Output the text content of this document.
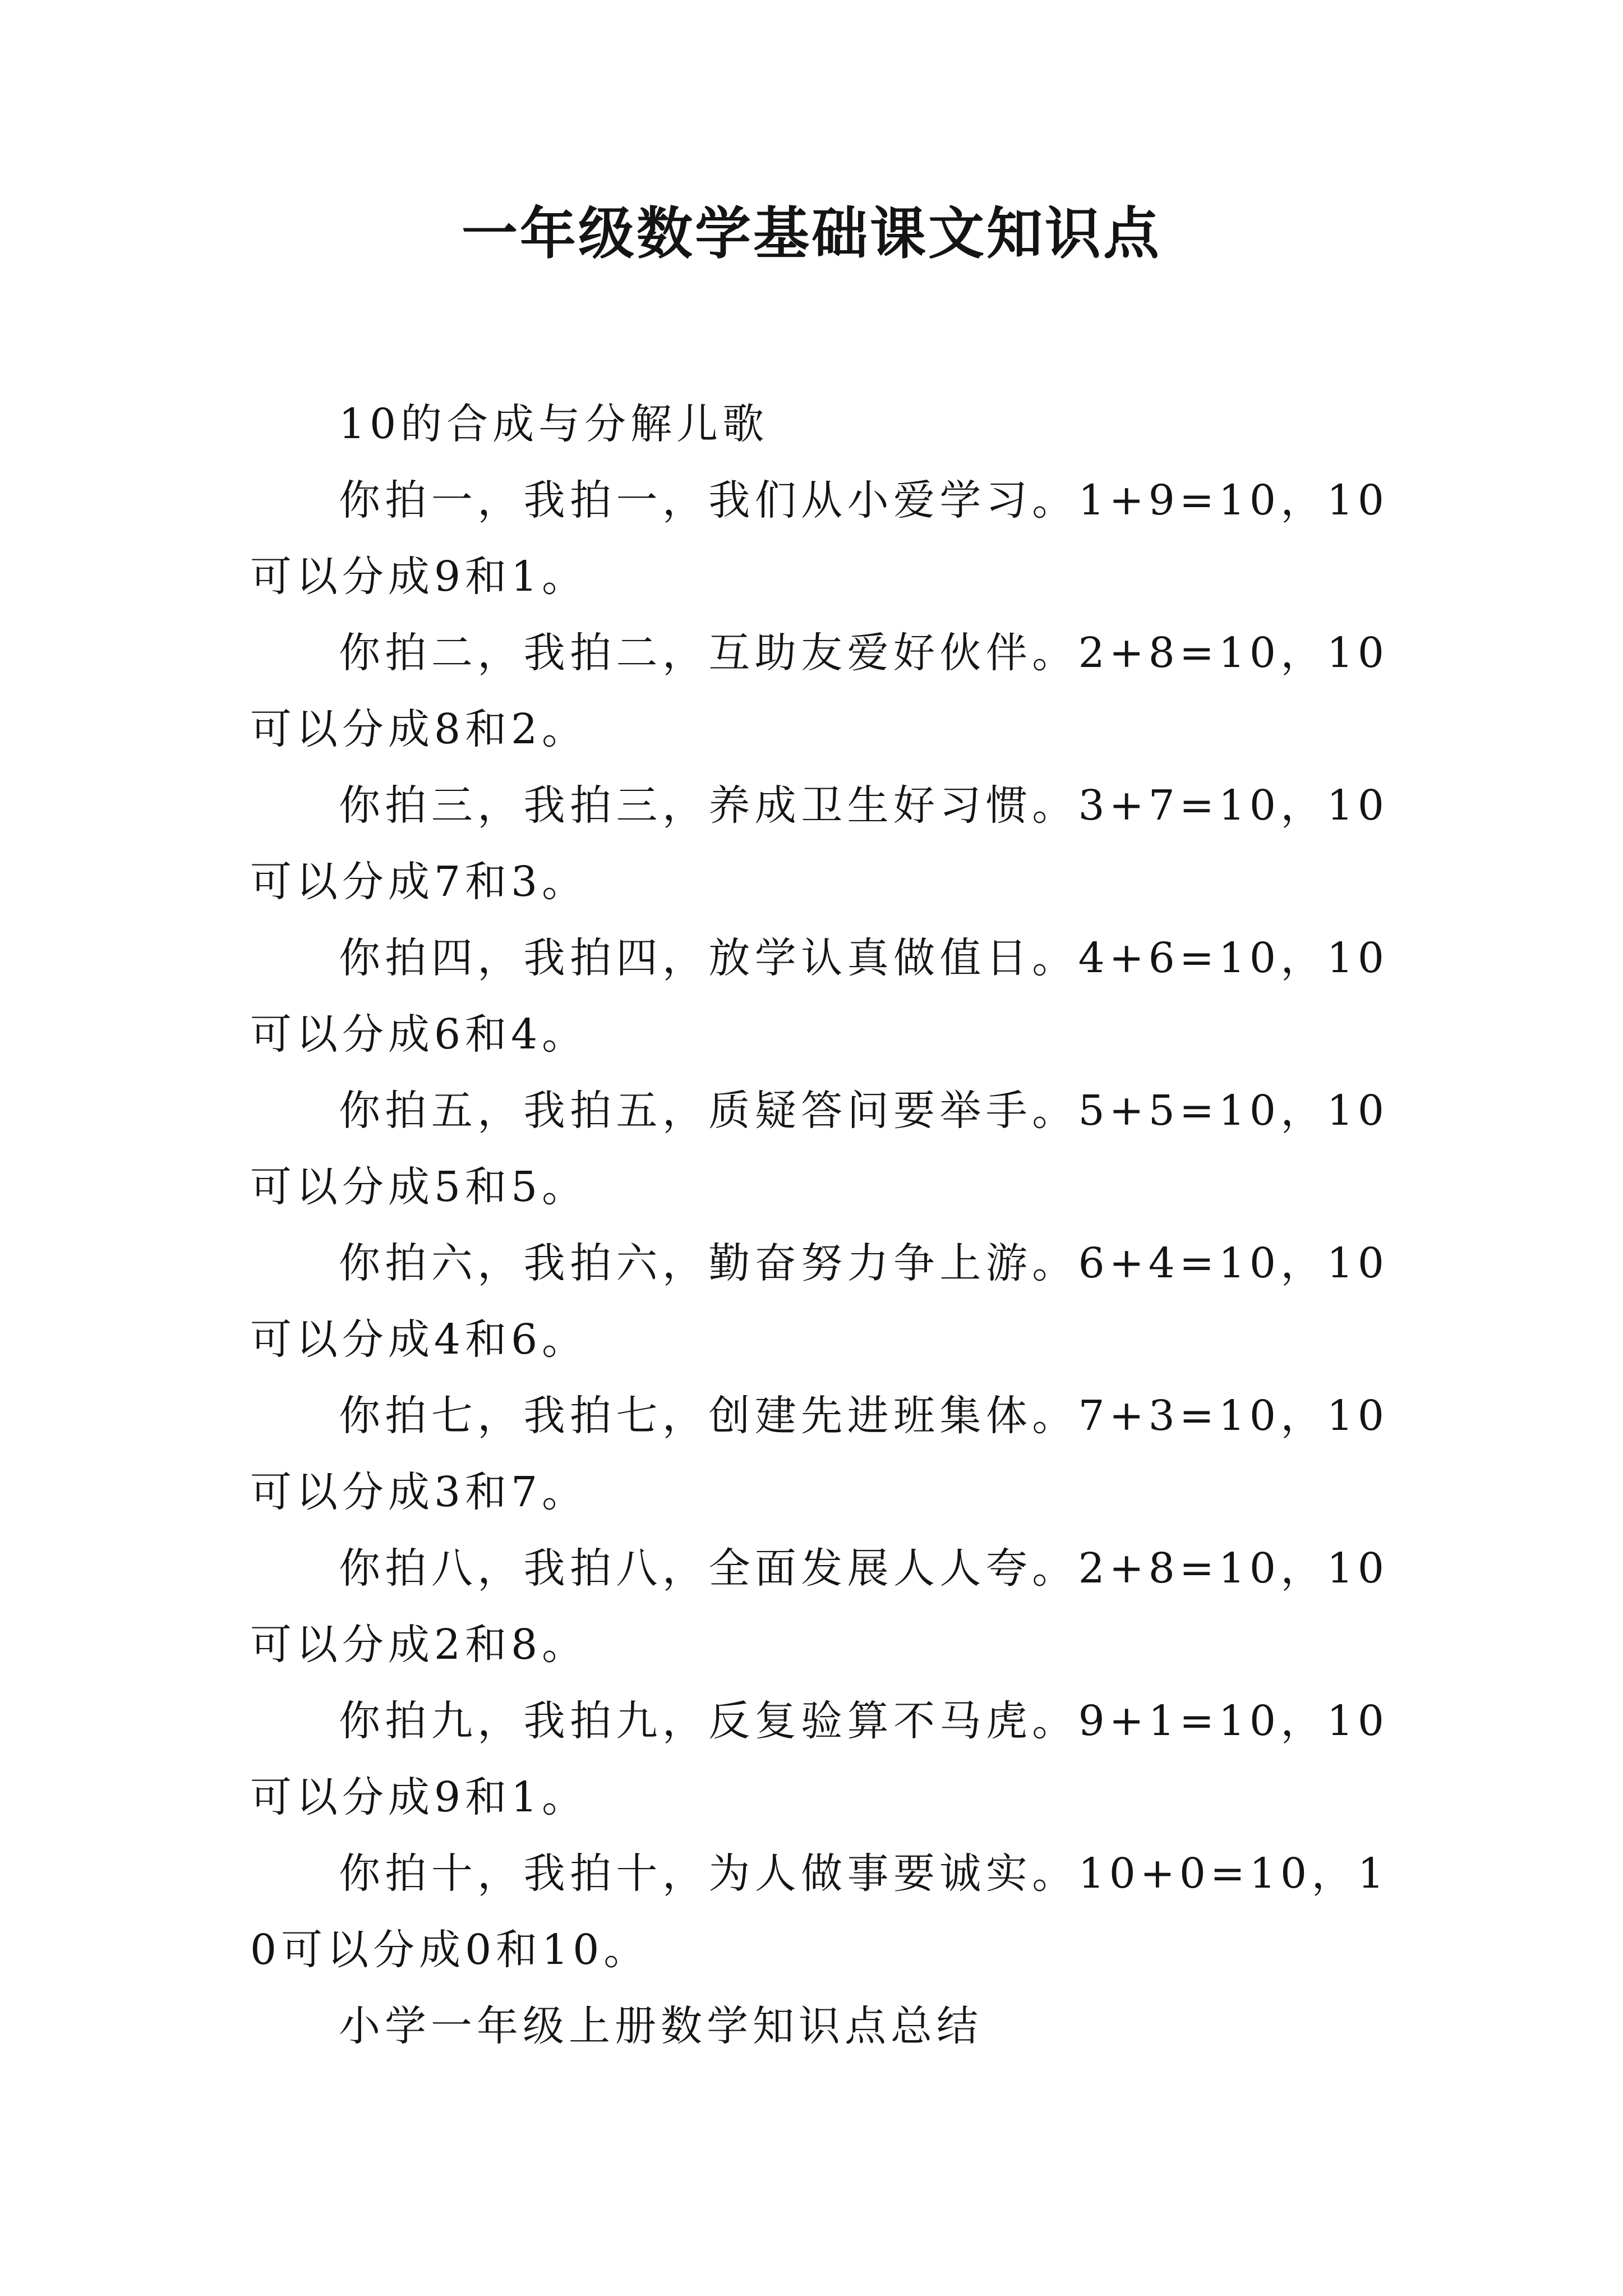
一年级数学基础课文知识点

10的合成与分解儿歌

你拍一，我拍一，我们从小爱学习。1+9=10，10可以分成9和1。

你拍二，我拍二，互助友爱好伙伴。2+8=10，10可以分成8和2。

你拍三，我拍三，养成卫生好习惯。3+7=10，10可以分成7和3。

你拍四，我拍四，放学认真做值日。4+6=10，10可以分成6和4。

你拍五，我拍五，质疑答问要举手。5+5=10，10可以分成5和5。

你拍六，我拍六，勤奋努力争上游。6+4=10，10可以分成4和6。

你拍七，我拍七，创建先进班集体。7+3=10，10可以分成3和7。

你拍八，我拍八，全面发展人人夸。2+8=10，10可以分成2和8。

你拍九，我拍九，反复验算不马虎。9+1=10，10可以分成9和1。

你拍十，我拍十，为人做事要诚实。10+0=10，10可以分成0和10。

小学一年级上册数学知识点总结
